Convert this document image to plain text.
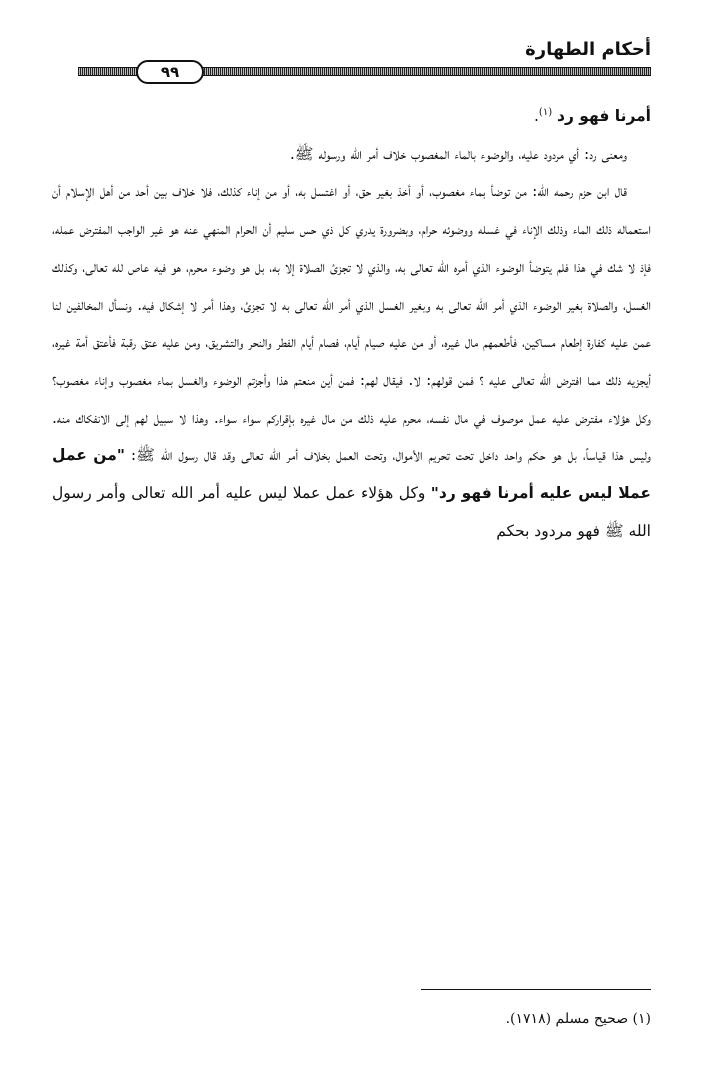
أحكام الطهارة
٩٩

أمرنا فهو رد $^{(١)}$.

ومعنى رد: أي مردود عليه، والوضوء بالماء المغصوب خلاف أمر الله ورسوله ﷺ.

قال ابن حزم رحمه الله: من توضأ بماء مغصوب، أو أخذ بغير حق، أو اغتسل به، أو من إناء كذلك، فلا خلاف بين أحد من أهل الإسلام أن استعماله ذلك الماء وذلك الإناء في غسله ووضوئه حرام، وبضرورة يدري كل ذي حس سليم أن الحرام المنهي عنه هو غير الواجب المفترض عمله، فإذ لا شك في هذا فلم يتوضأ الوضوء الذي أمره الله تعالى به، والذي لا تجزئ الصلاة إلا به، بل هو وضوء محرم، هو فيه عاص لله تعالى، وكذلك الغسل، والصلاة بغير الوضوء الذي أمر الله تعالى به وبغير الغسل الذي أمر الله تعالى به لا تجزئ، وهذا أمر لا إشكال فيه. ونسأل المخالفين لنا عمن عليه كفارة إطعام مساكين، فأطعمهم مال غيره، أو من عليه صيام أيام، فصام أيام الفطر والنحر والتشريق، ومن عليه عتق رقبة فأعتق أمة غيره، أيجزيه ذلك مما افترض الله تعالى عليه ؟ فمن قولهم: لا. فيقال لهم: فمن أين منعتم هذا وأجزتم الوضوء والغسل بماء مغصوب وإناء مغصوب؟ وكل هؤلاء مفترض عليه عمل موصوف في مال نفسه، محرم عليه ذلك من مال غيره بإقراركم سواء سواء. وهذا لا سبيل لهم إلى الانفكاك منه. وليس هذا قياساً، بل هو حكم واحد داخل تحت تحريم الأموال، وتحت العمل بخلاف أمر الله تعالى وقد قال رسول الله ﷺ: "من عمل عملا ليس عليه أمرنا فهو رد" وكل هؤلاء عمل عملا ليس عليه أمر الله تعالى وأمر رسول الله ﷺ فهو مردود بحكم

(١) صحيح مسلم (١٧١٨).
